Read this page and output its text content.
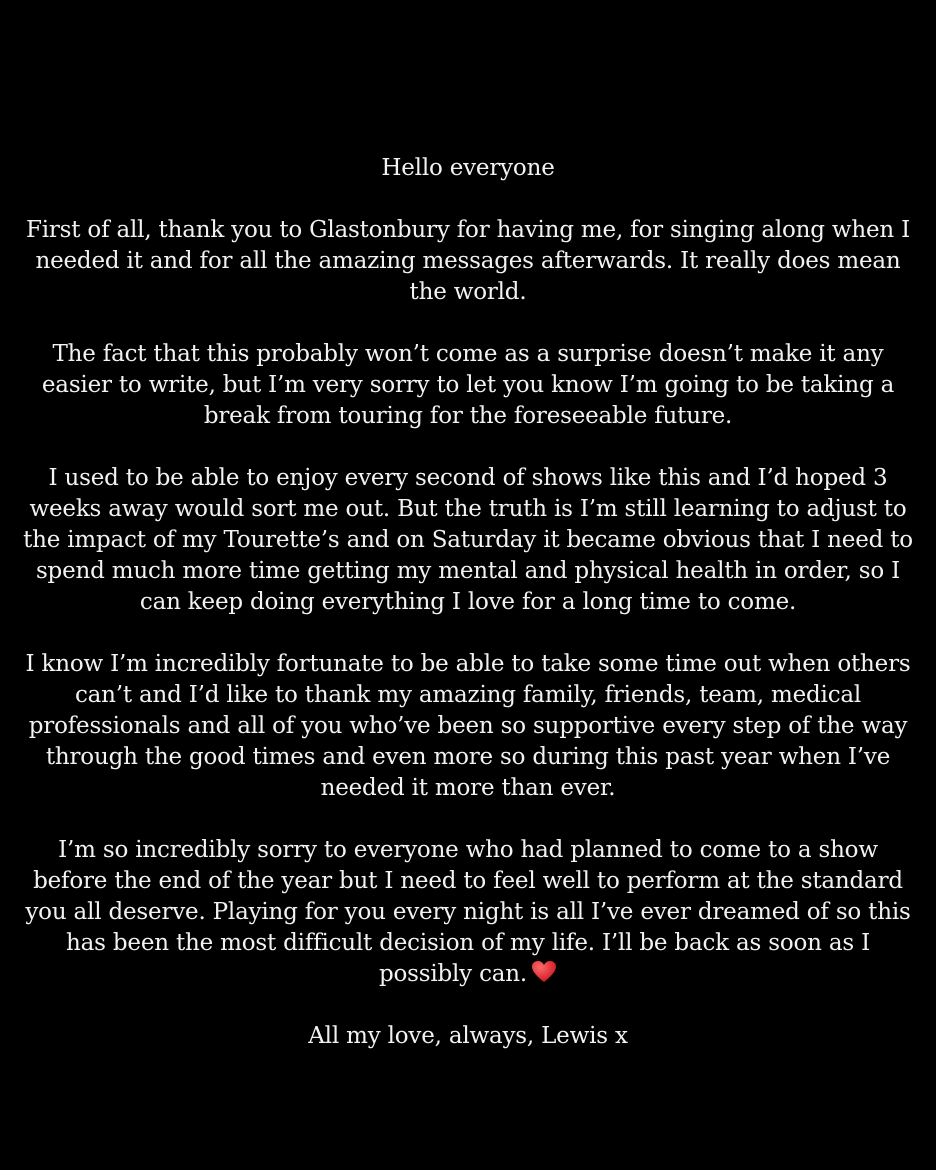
Hello everyone

First of all, thank you to Glastonbury for having me, for singing along when I needed it and for all the amazing messages afterwards. It really does mean the world.

The fact that this probably won’t come as a surprise doesn’t make it any easier to write, but I’m very sorry to let you know I’m going to be taking a break from touring for the foreseeable future.

I used to be able to enjoy every second of shows like this and I’d hoped 3 weeks away would sort me out. But the truth is I’m still learning to adjust to the impact of my Tourette’s and on Saturday it became obvious that I need to spend much more time getting my mental and physical health in order, so I can keep doing everything I love for a long time to come.

I know I’m incredibly fortunate to be able to take some time out when others can’t and I’d like to thank my amazing family, friends, team, medical professionals and all of you who’ve been so supportive every step of the way through the good times and even more so during this past year when I’ve needed it more than ever.

I’m so incredibly sorry to everyone who had planned to come to a show before the end of the year but I need to feel well to perform at the standard you all deserve. Playing for you every night is all I’ve ever dreamed of so this has been the most difficult decision of my life. I’ll be back as soon as I possibly can.

All my love, always, Lewis x
